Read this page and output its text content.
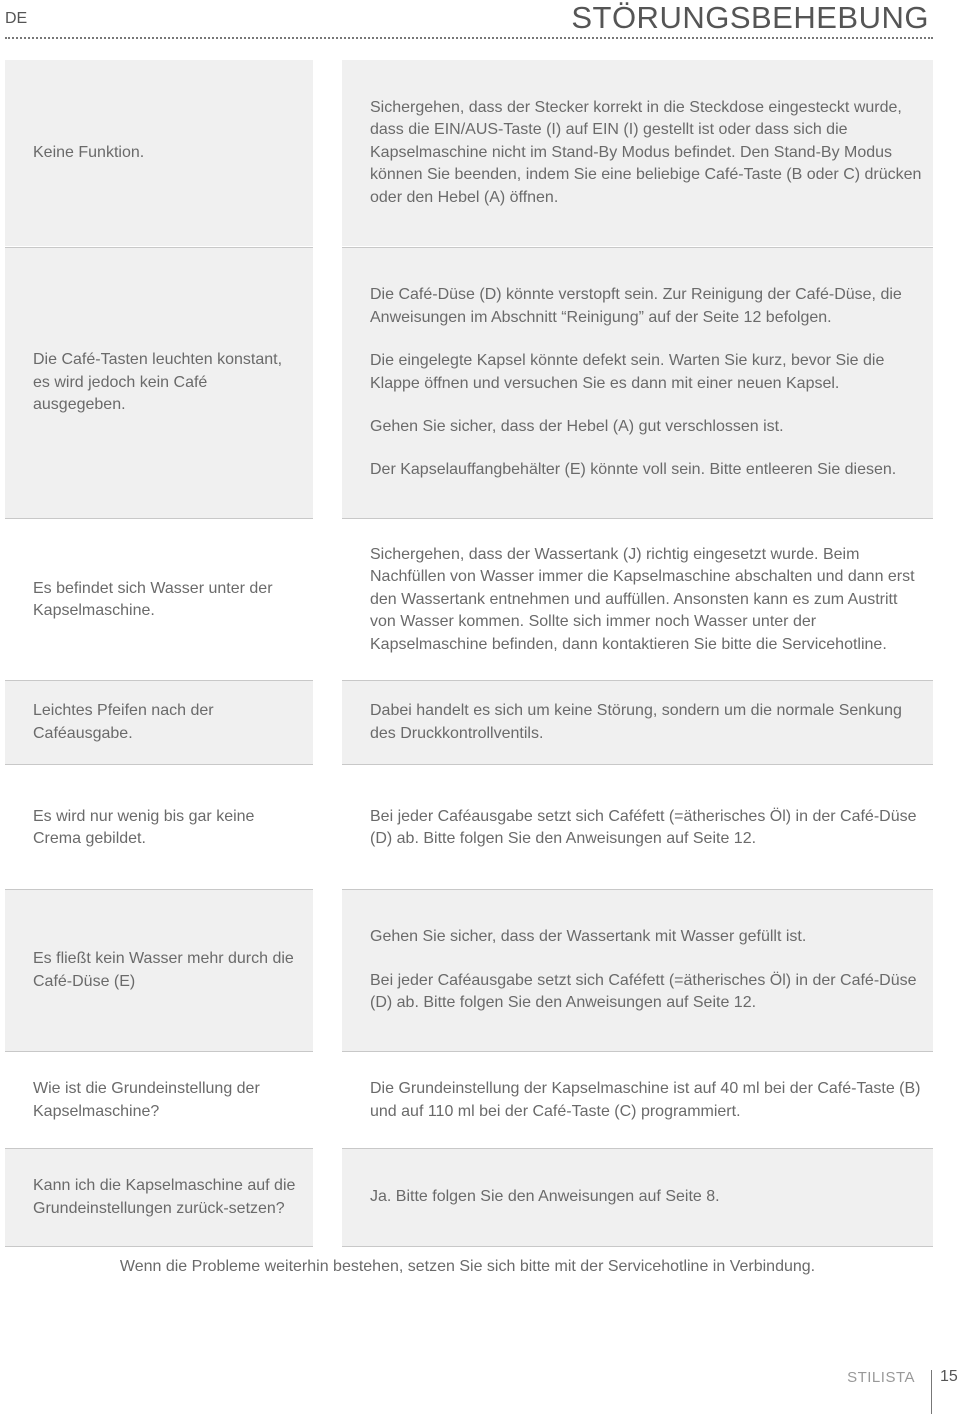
DE	STÖRUNGSBEHEBUNG
Keine Funktion.
Sichergehen, dass der Stecker korrekt in die Steckdose eingesteckt wurde, dass die EIN/AUS-Taste (I) auf EIN (I) gestellt ist oder dass sich die Kapselmaschine nicht im Stand-By Modus befindet. Den Stand-By Modus können Sie beenden, indem Sie eine beliebige Café-Taste (B oder C) drücken oder den Hebel (A) öffnen.
Die Café-Tasten leuchten konstant, es wird jedoch kein Café ausgegeben.
Die Café-Düse (D) könnte verstopft sein. Zur Reinigung der Café-Düse, die Anweisungen im Abschnitt “Reinigung” auf der Seite 12 befolgen.
Die eingelegte Kapsel könnte defekt sein. Warten Sie kurz, bevor Sie die Klappe öffnen und versuchen Sie es dann mit einer neuen Kapsel.
Gehen Sie sicher, dass der Hebel (A) gut verschlossen ist.
Der Kapselauffangbehälter (E) könnte voll sein. Bitte entleeren Sie diesen.
Es befindet sich Wasser unter der Kapselmaschine.
Sichergehen, dass der Wassertank (J) richtig eingesetzt wurde. Beim Nachfüllen von Wasser immer die Kapselmaschine abschalten und dann erst den Wassertank entnehmen und auffüllen. Ansonsten kann es zum Austritt von Wasser kommen. Sollte sich immer noch Wasser unter der Kapselmaschine befinden, dann kontaktieren Sie bitte die Servicehotline.
Leichtes Pfeifen nach der Caféausgabe.
Dabei handelt es sich um keine Störung, sondern um die normale Senkung des Druckkontrollventils.
Es wird nur wenig bis gar keine Crema gebildet.
Bei jeder Caféausgabe setzt sich Caféfett (=ätherisches Öl) in der Café-Düse (D) ab. Bitte folgen Sie den Anweisungen auf Seite 12.
Es fließt kein Wasser mehr durch die Café-Düse (E)
Gehen Sie sicher, dass der Wassertank mit Wasser gefüllt ist.
Bei jeder Caféausgabe setzt sich Caféfett (=ätherisches Öl) in der Café-Düse (D) ab. Bitte folgen Sie den Anweisungen auf Seite 12.
Wie ist die Grundeinstellung der Kapselmaschine?
Die Grundeinstellung der Kapselmaschine ist auf 40 ml bei der Café-Taste (B) und auf 110 ml bei der Café-Taste (C) programmiert.
Kann ich die Kapselmaschine auf die Grundeinstellungen zurück-setzen?
Ja. Bitte folgen Sie den Anweisungen auf Seite 8.
Wenn die Probleme weiterhin bestehen, setzen Sie sich bitte mit der Servicehotline in Verbindung.
STILISTA 15
